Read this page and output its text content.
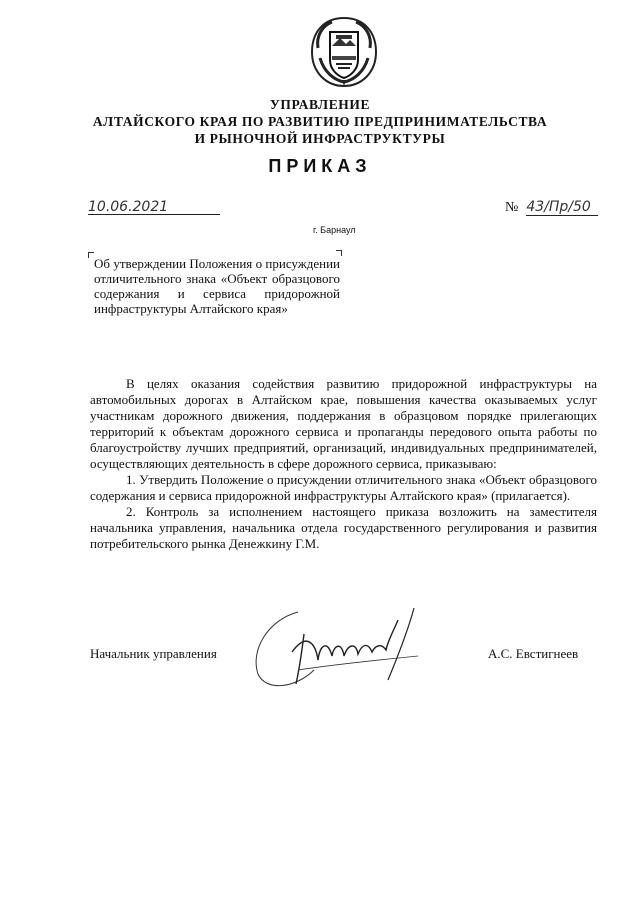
УПРАВЛЕНИЕ
АЛТАЙСКОГО КРАЯ ПО РАЗВИТИЮ ПРЕДПРИНИМАТЕЛЬСТВА
И РЫНОЧНОЙ ИНФРАСТРУКТУРЫ
ПРИКАЗ
10.06.2021	№ 43/Пр/50
г. Барнаул
Об утверждении Положения о присуждении отличительного знака «Объект образцового содержания и сервиса придорожной инфраструктуры Алтайского края»

В целях оказания содействия развитию придорожной инфраструктуры на автомобильных дорогах в Алтайском крае, повышения качества оказываемых услуг участникам дорожного движения, поддержания в образцовом порядке прилегающих территорий к объектам дорожного сервиса и пропаганды передового опыта работы по благоустройству лучших предприятий, организаций, индивидуальных предпринимателей, осуществляющих деятельность в сфере дорожного сервиса, приказываю:

1. Утвердить Положение о присуждении отличительного знака «Объект образцового содержания и сервиса придорожной инфраструктуры Алтайского края» (прилагается).

2. Контроль за исполнением настоящего приказа возложить на заместителя начальника управления, начальника отдела государственного регулирования и развития потребительского рынка Денежкину Г.М.

Начальник управления	А.С. Евстигнеев
